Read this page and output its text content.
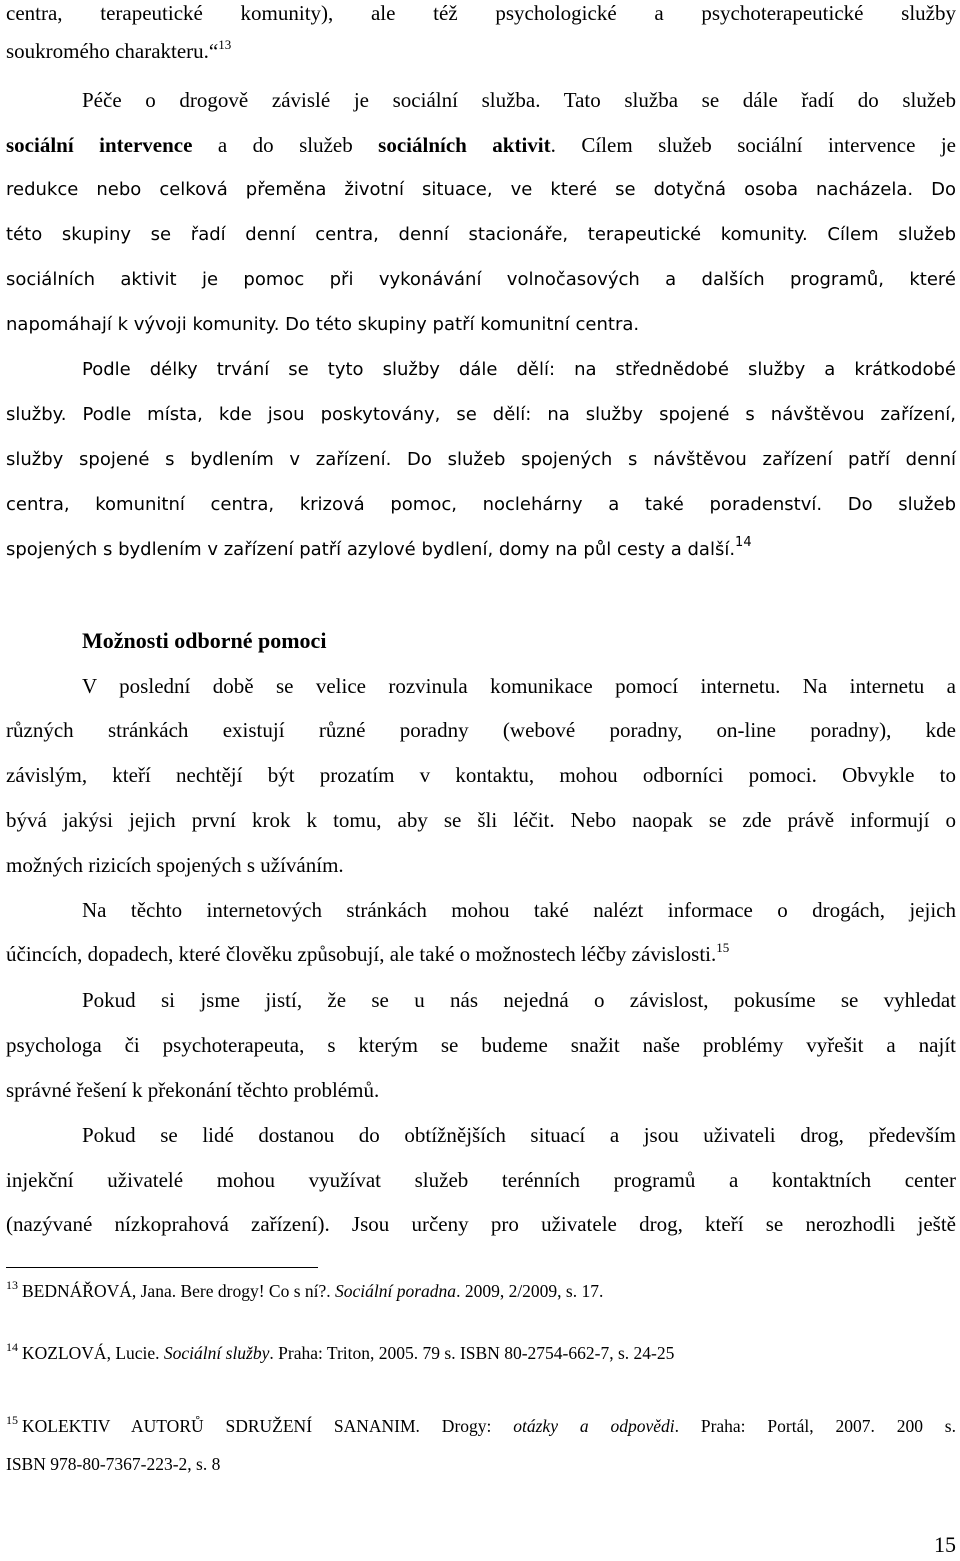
centra, terapeutické komunity), ale též psychologické a psychoterapeutické služby
soukromého charakteru.“$^{13}$
Péče o drogově závislé je sociální služba. Tato služba se dále řadí do služeb
sociální intervence a do služeb sociálních aktivit. Cílem služeb sociální intervence je
redukce nebo celková přeměna životní situace, ve které se dotyčná osoba nacházela. Do
této skupiny se řadí denní centra, denní stacionáře, terapeutické komunity. Cílem služeb
sociálních aktivit je pomoc při vykonávání volnočasových a dalších programů, které
napomáhají k vývoji komunity. Do této skupiny patří komunitní centra.
Podle délky trvání se tyto služby dále dělí: na střednědobé služby a krátkodobé
služby. Podle místa, kde jsou poskytovány, se dělí: na služby spojené s návštěvou zařízení,
služby spojené s bydlením v zařízení. Do služeb spojených s návštěvou zařízení patří denní
centra, komunitní centra, krizová pomoc, noclehárny a také poradenství. Do služeb
spojených s bydlením v zařízení patří azylové bydlení, domy na půl cesty a další.$^{14}$
Možnosti odborné pomoci
V poslední době se velice rozvinula komunikace pomocí internetu. Na internetu a
různých stránkách existují různé poradny (webové poradny, on-line poradny), kde
závislým, kteří nechtějí být prozatím v kontaktu, mohou odborníci pomoci. Obvykle to
bývá jakýsi jejich první krok k tomu, aby se šli léčit. Nebo naopak se zde právě informují o
možných rizicích spojených s užíváním.
Na těchto internetových stránkách mohou také nalézt informace o drogách, jejich
účincích, dopadech, které člověku způsobují, ale také o možnostech léčby závislosti.$^{15}$
Pokud si jsme jistí, že se u nás nejedná o závislost, pokusíme se vyhledat
psychologa či psychoterapeuta, s kterým se budeme snažit naše problémy vyřešit a najít
správné řešení k překonání těchto problémů.
Pokud se lidé dostanou do obtížnějších situací a jsou uživateli drog, především
injekční uživatelé mohou využívat služeb terénních programů a kontaktních center
(nazývané nízkoprahová zařízení). Jsou určeny pro uživatele drog, kteří se nerozhodli ještě
$^{13}$ BEDNÁŘOVÁ, Jana. Bere drogy! Co s ní?. Sociální poradna. 2009, 2/2009, s. 17.
$^{14}$ KOZLOVÁ, Lucie. Sociální služby. Praha: Triton, 2005. 79 s. ISBN 80-2754-662-7, s. 24-25
$^{15}$ KOLEKTIV AUTORŮ SDRUŽENÍ SANANIM. Drogy: otázky a odpovědi. Praha: Portál, 2007. 200 s.
ISBN 978-80-7367-223-2, s. 8
15
